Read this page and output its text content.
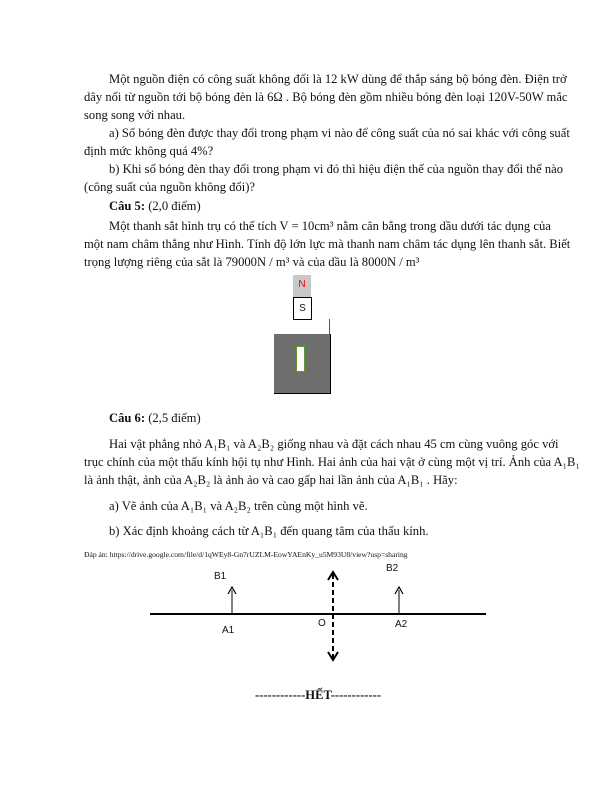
Một nguồn điện có công suất không đổi là 12 kW dùng để thắp sáng bộ bóng đèn. Điện trở
dây nối từ nguồn tới bộ bóng đèn là 6Ω . Bộ bóng đèn gồm nhiều bóng đèn loại 120V-50W mắc
song song với nhau.
a) Số bóng đèn được thay đổi trong phạm vi nào để công suất của nó sai khác với công suất
định mức không quá 4%?
b) Khi số bóng đèn thay đổi trong phạm vi đó thì hiệu điện thế của nguồn thay đổi thế nào
(công suất của nguồn không đổi)?
Câu 5: (2,0 điểm)
Một thanh sắt hình trụ có thể tích V = 10cm³ nằm cân bằng trong dầu dưới tác dụng của
một nam châm thẳng như Hình. Tính độ lớn lực mà thanh nam châm tác dụng lên thanh sắt. Biết
trọng lượng riêng của sắt là 79000N / m³ và của dầu là 8000N / m³
N
S
Câu 6: (2,5 điểm)
Hai vật phẳng nhỏ A₁B₁ và A₂B₂ giống nhau và đặt cách nhau 45 cm cùng vuông góc với
trục chính của một thấu kính hội tụ như Hình. Hai ảnh của hai vật ở cùng một vị trí. Ảnh của A₁B₁
là ảnh thật, ảnh của A₂B₂ là ảnh ảo và cao gấp hai lần ảnh của A₁B₁ . Hãy:
a) Vẽ ảnh của A₁B₁ và A₂B₂ trên cùng một hình vẽ.
b) Xác định khoảng cách từ A₁B₁ đến quang tâm của thấu kính.
Đáp án: https://drive.google.com/file/d/1qWEy8-Gn7rUZLM-EowYAEnKy_u5M93U8/view?usp=sharing
B1
A1
O	A2
B2
------------HẾT------------
